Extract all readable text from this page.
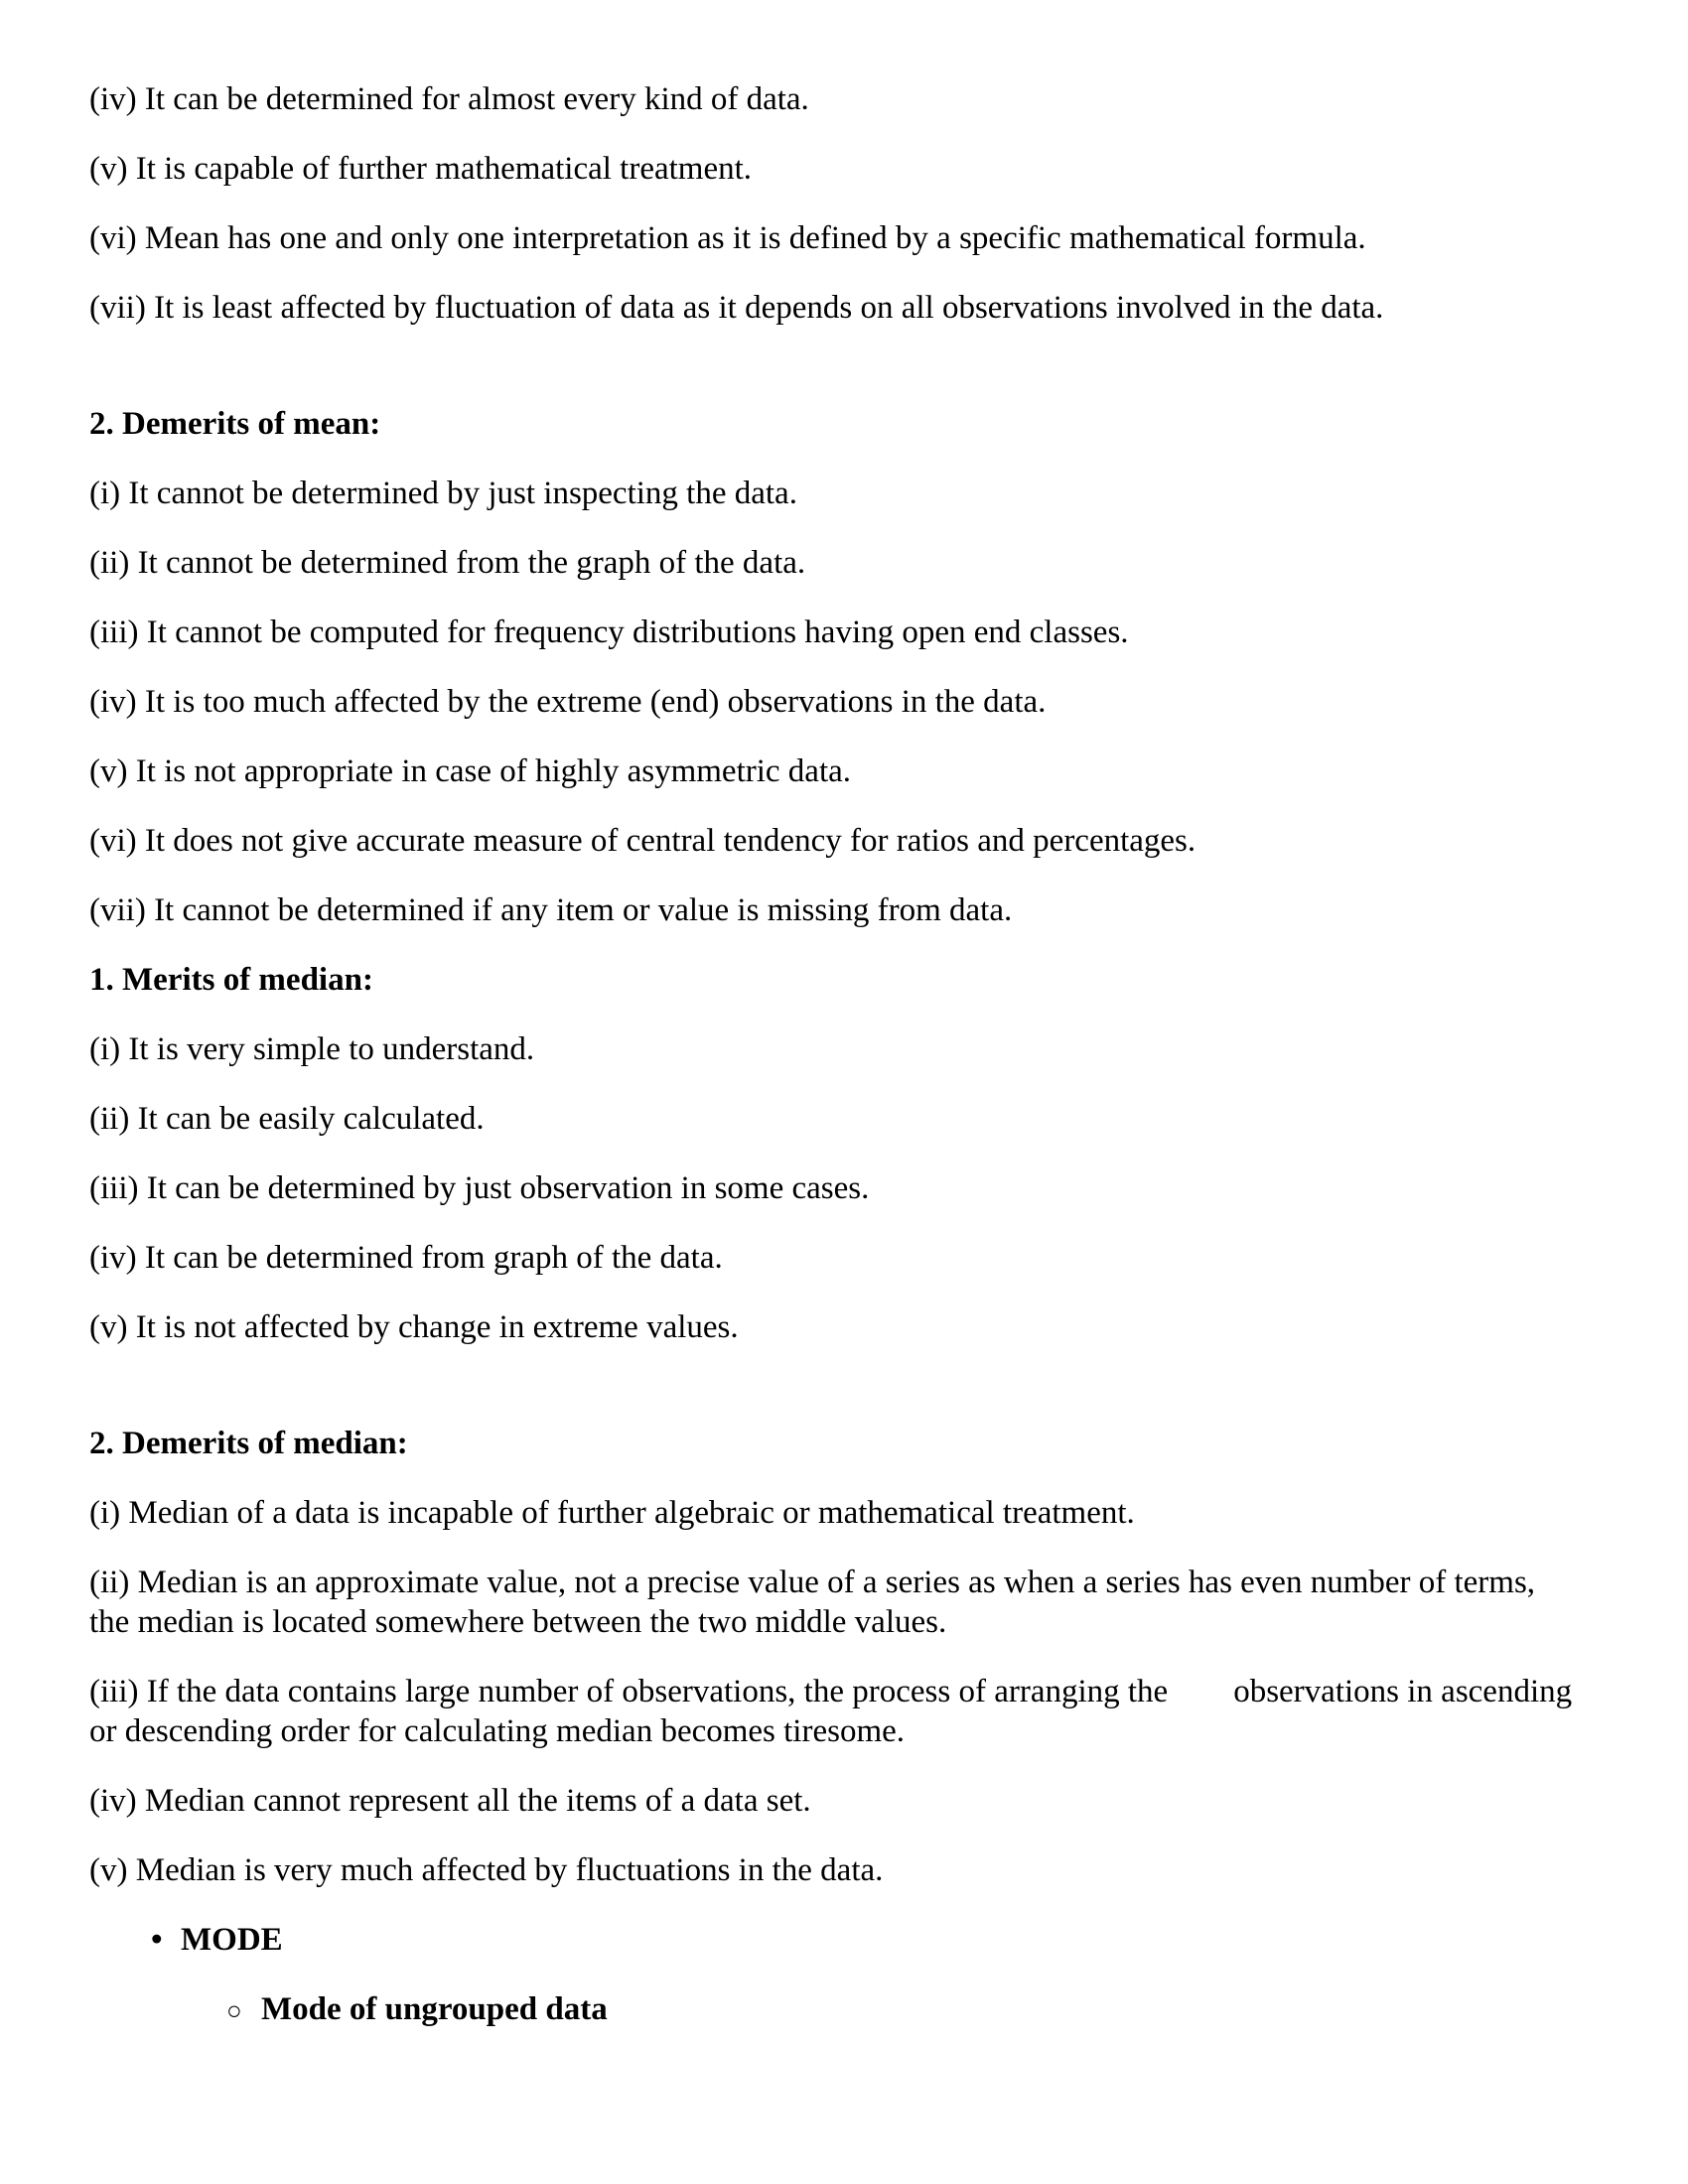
(iv) It can be determined for almost every kind of data.
(v) It is capable of further mathematical treatment.
(vi) Mean has one and only one interpretation as it is defined by a specific mathematical formula.
(vii) It is least affected by fluctuation of data as it depends on all observations involved in the data.
2. Demerits of mean:
(i) It cannot be determined by just inspecting the data.
(ii) It cannot be determined from the graph of the data.
(iii) It cannot be computed for frequency distributions having open end classes.
(iv) It is too much affected by the extreme (end) observations in the data.
(v) It is not appropriate in case of highly asymmetric data.
(vi) It does not give accurate measure of central tendency for ratios and percentages.
(vii) It cannot be determined if any item or value is missing from data.
1. Merits of median:
(i) It is very simple to understand.
(ii) It can be easily calculated.
(iii) It can be determined by just observation in some cases.
(iv) It can be determined from graph of the data.
(v) It is not affected by change in extreme values.
2. Demerits of median:
(i) Median of a data is incapable of further algebraic or mathematical treatment.
(ii) Median is an approximate value, not a precise value of a series as when a series has even number of terms,
the median is located somewhere between the two middle values.
(iii) If the data contains large number of observations, the process of arranging the        observations in ascending
or descending order for calculating median becomes tiresome.
(iv) Median cannot represent all the items of a data set.
(v) Median is very much affected by fluctuations in the data.
• MODE
○ Mode of ungrouped data
